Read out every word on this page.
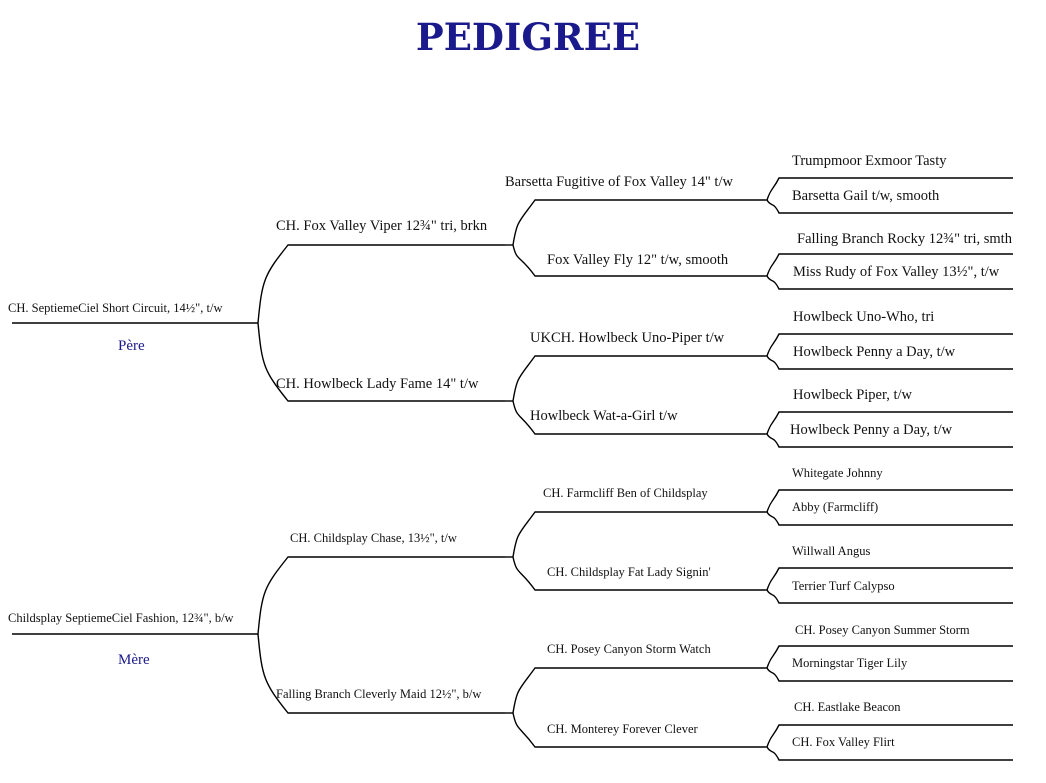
PEDIGREE
CH. SeptiemeCiel Short Circuit, 14½", t/w
Père
Childsplay SeptiemeCiel Fashion, 12¾", b/w
Mère
CH. Fox Valley Viper 12¾" tri, brkn
CH. Howlbeck Lady Fame 14" t/w
CH. Childsplay Chase, 13½", t/w
Falling Branch Cleverly Maid 12½", b/w
Barsetta Fugitive of Fox Valley 14" t/w
Fox Valley Fly 12" t/w, smooth
UKCH. Howlbeck Uno-Piper t/w
Howlbeck Wat-a-Girl t/w
CH. Farmcliff Ben of Childsplay
CH. Childsplay Fat Lady Signin'
CH. Posey Canyon Storm Watch
CH. Monterey Forever Clever
Trumpmoor Exmoor Tasty
Barsetta Gail t/w, smooth
Falling Branch Rocky 12¾" tri, smth
Miss Rudy of Fox Valley 13½", t/w
Howlbeck Uno-Who, tri
Howlbeck Penny a Day, t/w
Howlbeck Piper, t/w
Howlbeck Penny a Day, t/w
Whitegate Johnny
Abby (Farmcliff)
Willwall Angus
Terrier Turf Calypso
CH. Posey Canyon Summer Storm
Morningstar Tiger Lily
CH. Eastlake Beacon
CH. Fox Valley Flirt
